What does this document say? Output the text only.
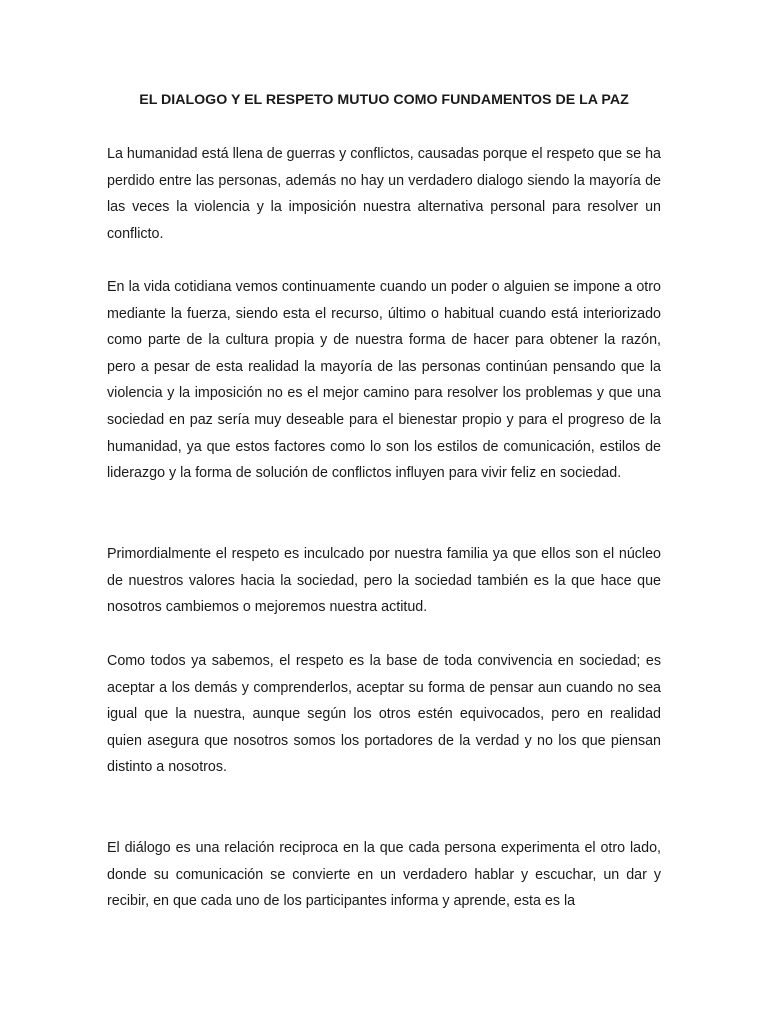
EL DIALOGO Y EL RESPETO MUTUO COMO FUNDAMENTOS DE LA PAZ
La humanidad está llena de guerras y conflictos, causadas porque el respeto que se ha perdido entre las personas, además no hay un verdadero dialogo siendo la mayoría de las veces la violencia y la imposición nuestra alternativa personal para resolver un conflicto.
En la vida cotidiana vemos continuamente cuando un poder o alguien se impone a otro mediante la fuerza, siendo esta el recurso, último o habitual cuando está interiorizado como parte de la cultura propia y de nuestra forma de hacer para obtener la razón, pero a pesar de esta realidad la mayoría de las personas continúan pensando que la violencia y la imposición no es el mejor camino para resolver los problemas y que una sociedad en paz sería muy deseable para el bienestar propio y para el progreso de la humanidad, ya que estos factores como lo son los estilos de comunicación, estilos de liderazgo y la forma de solución de conflictos influyen para vivir feliz en sociedad.
Primordialmente el respeto es inculcado por nuestra familia ya que ellos son el núcleo de nuestros valores hacia la sociedad, pero la sociedad también es la que hace que nosotros cambiemos o mejoremos nuestra actitud.
Como todos ya sabemos, el respeto es la base de toda convivencia en sociedad; es aceptar a los demás y comprenderlos, aceptar su forma de pensar aun cuando no sea igual que la nuestra, aunque según los otros estén equivocados, pero en realidad quien asegura que nosotros somos los portadores de la verdad y no los que piensan distinto a nosotros.
El diálogo es una relación reciproca en la que cada persona experimenta el otro lado, donde su comunicación se convierte en un verdadero hablar y escuchar, un dar y recibir, en que cada uno de los participantes informa y aprende, esta es la
